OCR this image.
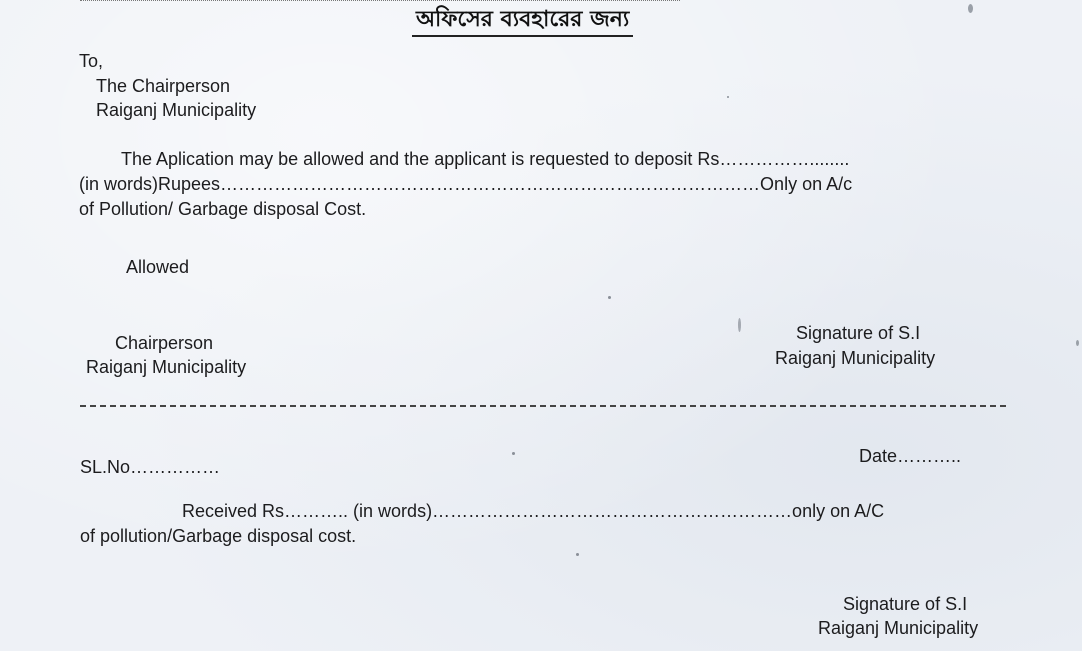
অফিসের ব্যবহারের জন্য
To,
The Chairperson
Raiganj Municipality
The Aplication may be allowed and the applicant is requested to deposit Rs……………........
(in words)Rupees………………………………………………………………………………Only on A/c
of Pollution/ Garbage disposal Cost.
Allowed
Chairperson
Raiganj Municipality
Signature of S.I
Raiganj Municipality
SL.No……………
Date………..
Received Rs……….. (in words)……………………………………………………only on A/C
of pollution/Garbage disposal cost.
Signature of S.I
Raiganj Municipality
